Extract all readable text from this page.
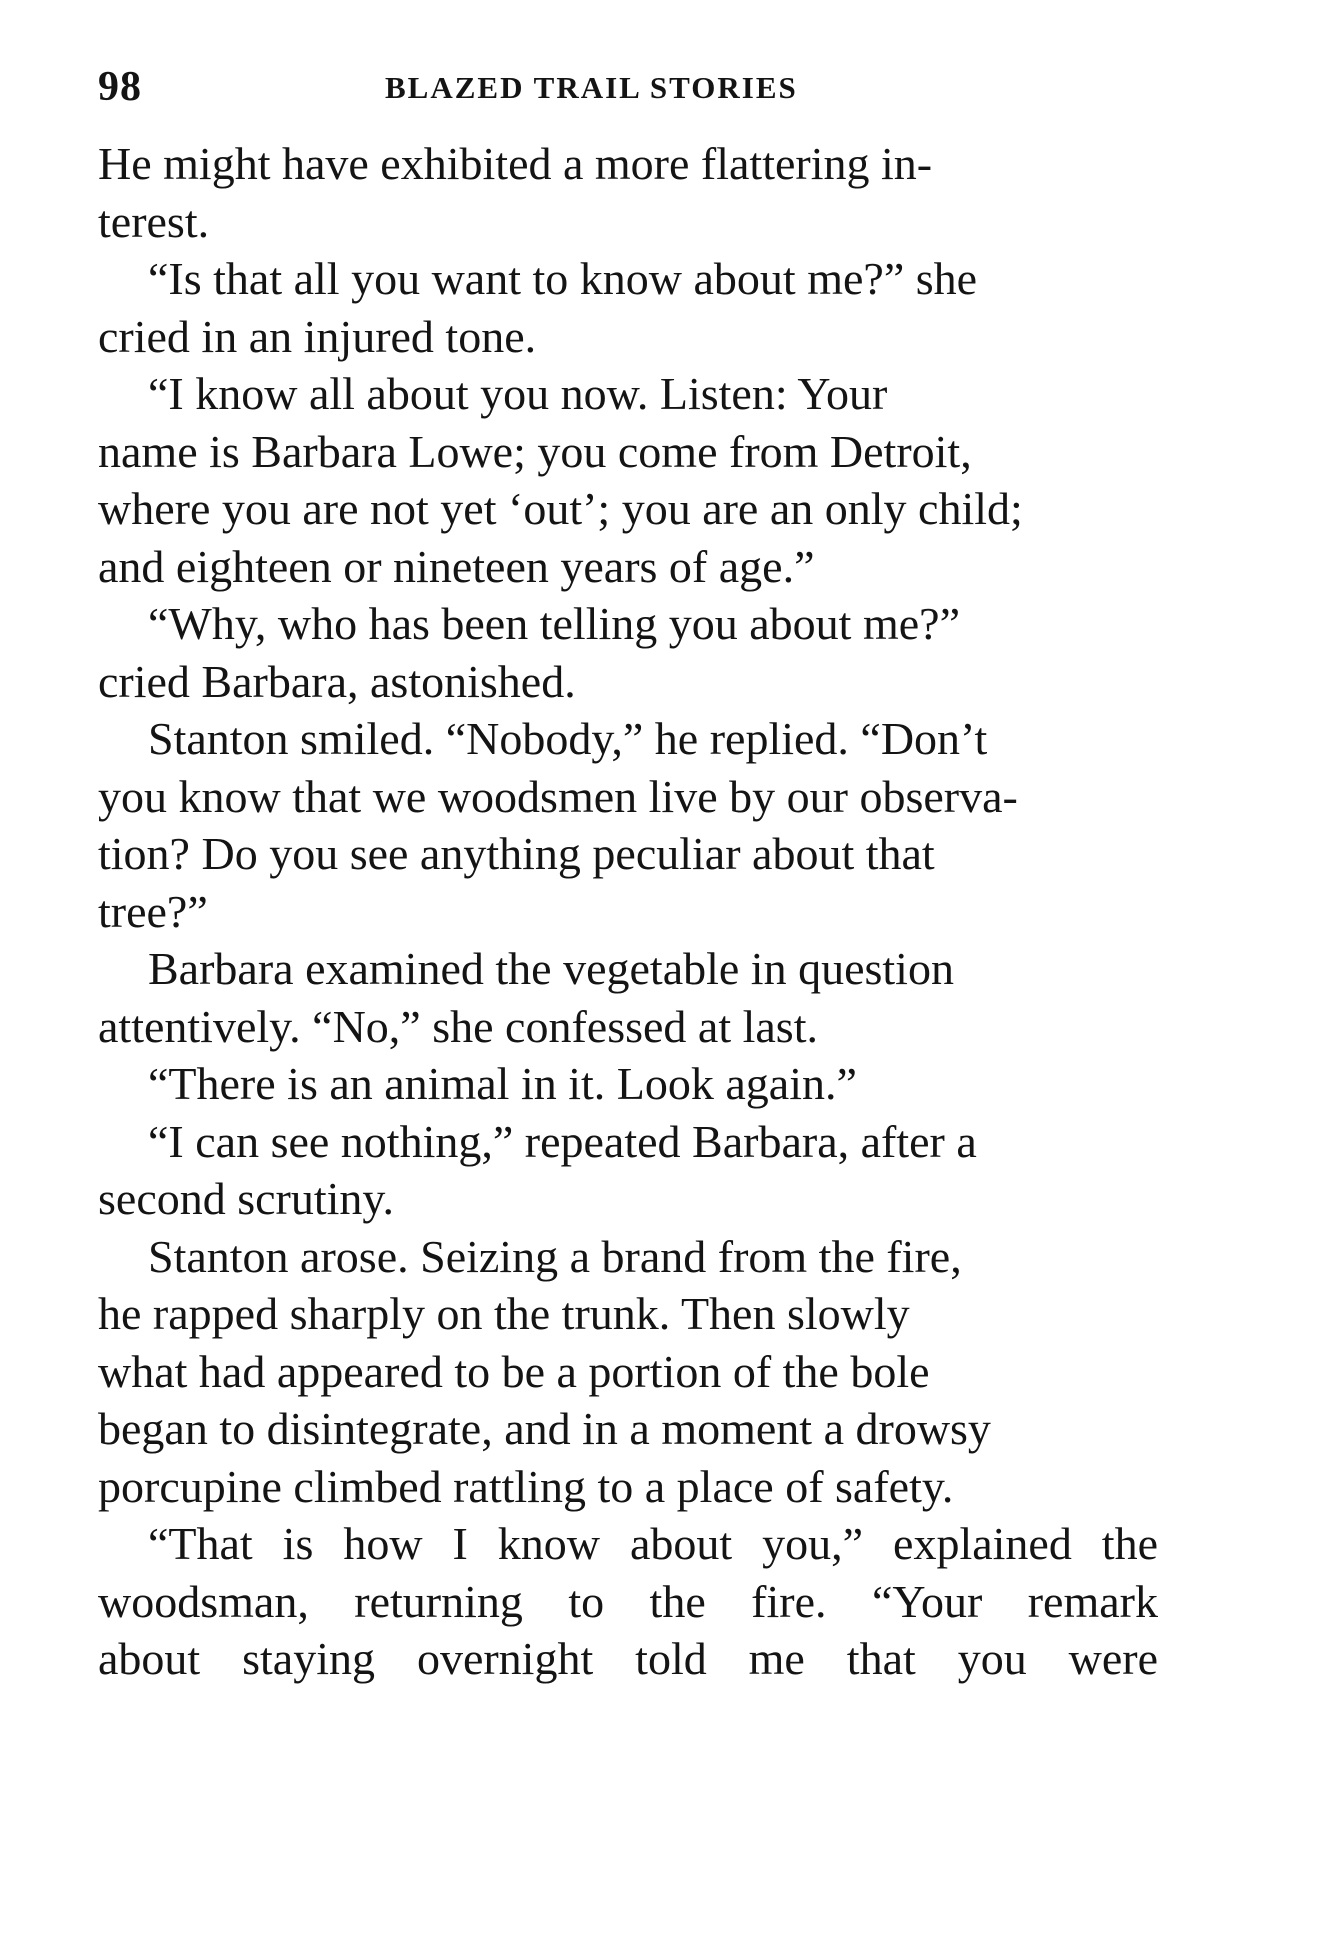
98	BLAZED TRAIL STORIES

He might have exhibited a more flattering in-
terest.

“Is that all you want to know about me?” she
cried in an injured tone.

“I know all about you now. Listen: Your
name is Barbara Lowe; you come from Detroit,
where you are not yet ‘out’; you are an only child;
and eighteen or nineteen years of age.”

“Why, who has been telling you about me?”
cried Barbara, astonished.

Stanton smiled. “Nobody,” he replied. “Don’t
you know that we woodsmen live by our observa-
tion? Do you see anything peculiar about that
tree?”

Barbara examined the vegetable in question
attentively. “No,” she confessed at last.

“There is an animal in it. Look again.”

“I can see nothing,” repeated Barbara, after a
second scrutiny.

Stanton arose. Seizing a brand from the fire,
he rapped sharply on the trunk. Then slowly
what had appeared to be a portion of the bole
began to disintegrate, and in a moment a drowsy
porcupine climbed rattling to a place of safety.

“That is how I know about you,” explained the
woodsman, returning to the fire. “Your remark
about staying overnight told me that you were
